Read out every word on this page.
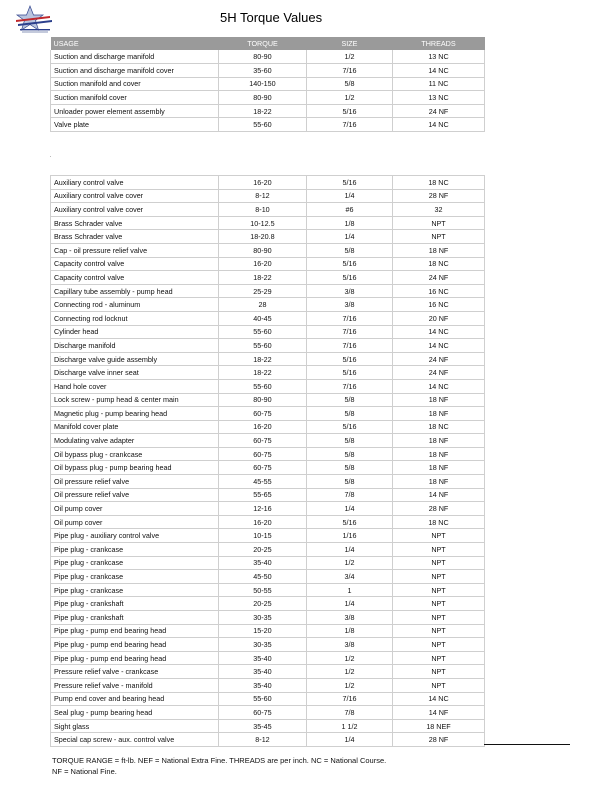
5H Torque Values
USAGE	TORQUE	SIZE	THREADS
Suction and discharge manifold	80-90	1/2	13 NC
Suction and discharge manifold cover	35-60	7/16	14 NC
Suction manifold and cover	140-150	5/8	11 NC
Suction manifold cover	80-90	1/2	13 NC
Unloader power element assembly	18-22	5/16	24 NF
Valve plate	55-60	7/16	14 NC
Auxiliary control valve	16-20	5/16	18 NC
Auxiliary control valve cover	8-12	1/4	28 NF
Auxiliary control valve cover	8-10	#6	32
Brass Schrader valve	10-12.5	1/8	NPT
Brass Schrader valve	18-20.8	1/4	NPT
Cap - oil pressure relief valve	80-90	5/8	18 NF
Capacity control valve	16-20	5/16	18 NC
Capacity control valve	18-22	5/16	24 NF
Capillary tube assembly - pump head	25-29	3/8	16 NC
Connecting rod - aluminum	28	3/8	16 NC
Connecting rod locknut	40-45	7/16	20 NF
Cylinder head	55-60	7/16	14 NC
Discharge manifold	55-60	7/16	14 NC
Discharge valve guide assembly	18-22	5/16	24 NF
Discharge valve inner seat	18-22	5/16	24 NF
Hand hole cover	55-60	7/16	14 NC
Lock screw - pump head & center main	80-90	5/8	18 NF
Magnetic plug - pump bearing head	60-75	5/8	18 NF
Manifold cover plate	16-20	5/16	18 NC
Modulating valve adapter	60-75	5/8	18 NF
Oil bypass plug - crankcase	60-75	5/8	18 NF
Oil bypass plug - pump bearing head	60-75	5/8	18 NF
Oil pressure relief valve	45-55	5/8	18 NF
Oil pressure relief valve	55-65	7/8	14 NF
Oil pump cover	12-16	1/4	28 NF
Oil pump cover	16-20	5/16	18 NC
Pipe plug - auxiliary control valve	10-15	1/16	NPT
Pipe plug - crankcase	20-25	1/4	NPT
Pipe plug - crankcase	35-40	1/2	NPT
Pipe plug - crankcase	45-50	3/4	NPT
Pipe plug - crankcase	50-55	1	NPT
Pipe plug - crankshaft	20-25	1/4	NPT
Pipe plug - crankshaft	30-35	3/8	NPT
Pipe plug - pump end bearing head	15-20	1/8	NPT
Pipe plug - pump end bearing head	30-35	3/8	NPT
Pipe plug - pump end bearing head	35-40	1/2	NPT
Pressure relief valve - crankcase	35-40	1/2	NPT
Pressure relief valve - manifold	35-40	1/2	NPT
Pump end cover and bearing head	55-60	7/16	14 NC
Seal plug - pump bearing head	60-75	7/8	14 NF
Sight glass	35-45	1 1/2	18 NEF
Special cap screw - aux. control valve	8-12	1/4	28 NF
TORQUE RANGE = ft-lb. NEF = National Extra Fine. THREADS are per inch. NC = National Course. NF = National Fine.
